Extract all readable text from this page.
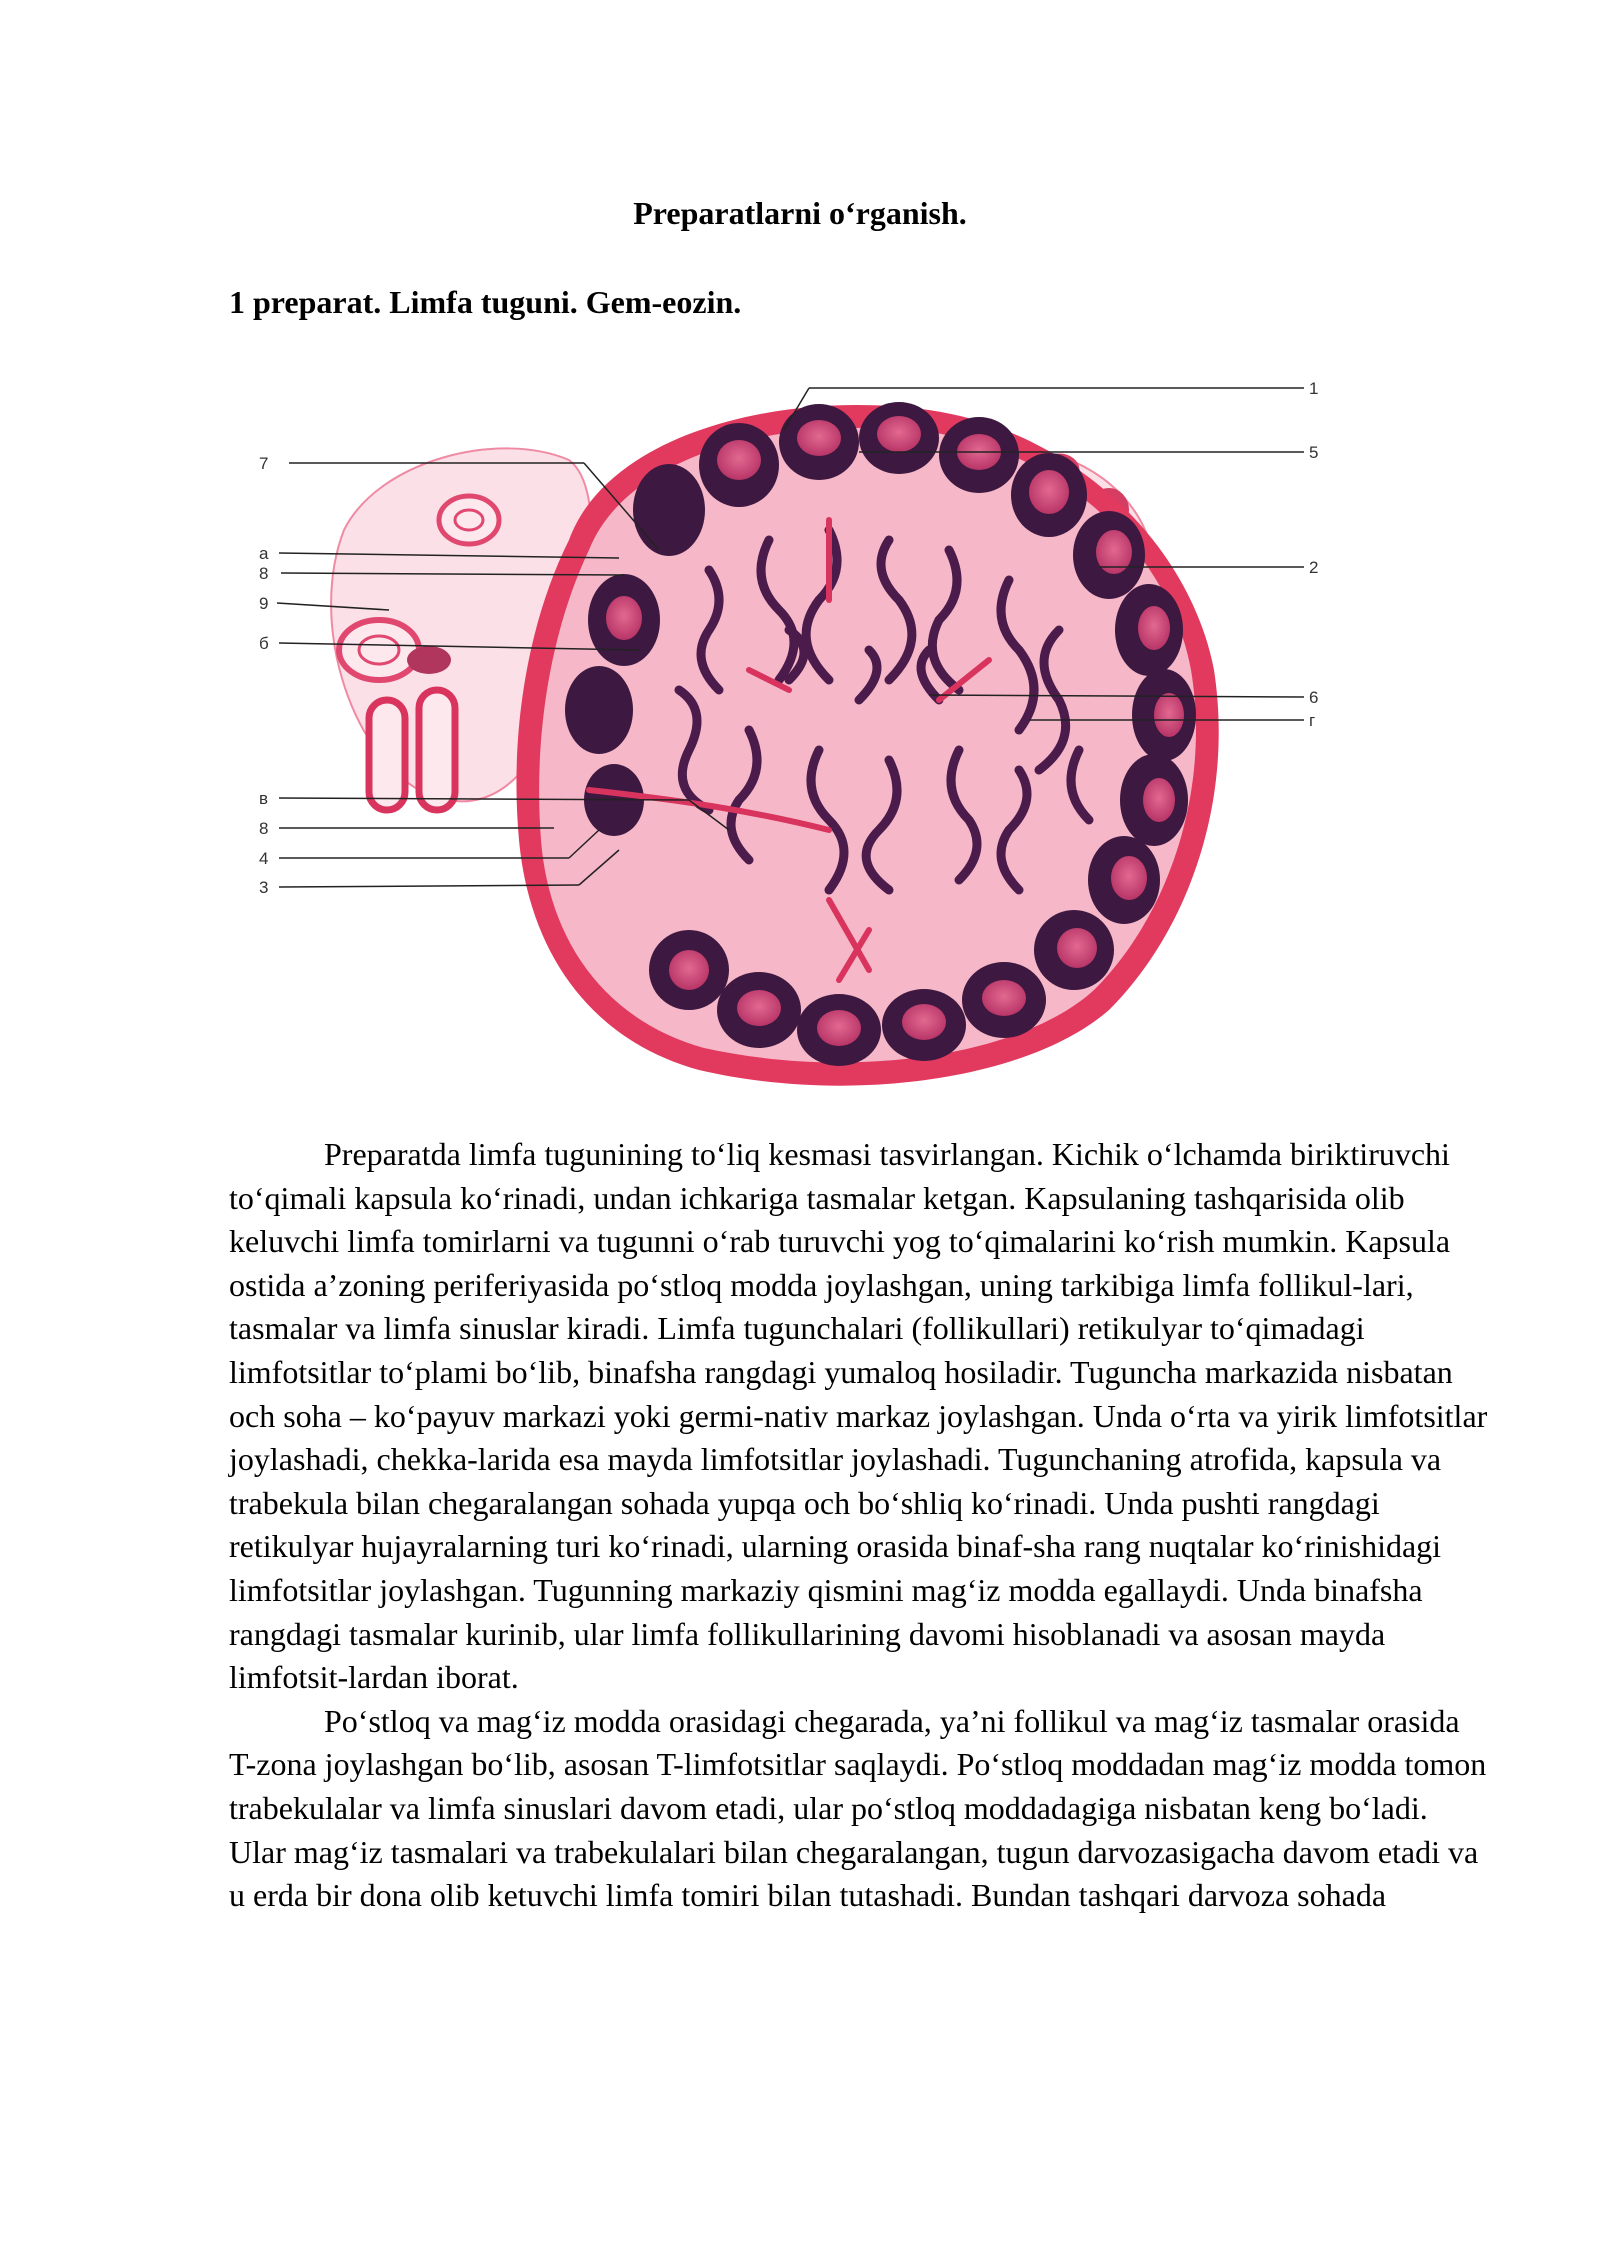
Preparatlarni o‘rganish.
1 preparat. Limfa tuguni. Gem-eozin.
1
5
2
6
г
7
а
8
9
б
в
8
4
3

Preparatda limfa tugunining to‘liq kesmasi tasvirlangan. Kichik o‘lchamda biriktiruvchi to‘qimali kapsula ko‘rinadi, undan ichkariga tasmalar ketgan. Kapsulaning tashqarisida olib keluvchi limfa tomirlarni va tugunni o‘rab turuvchi yog to‘qimalarini ko‘rish mumkin. Kapsula ostida a’zoning periferiyasida po‘stloq modda joylashgan, uning tarkibiga limfa follikul-lari, tasmalar va limfa sinuslar kiradi. Limfa tugunchalari (follikullari) retikulyar to‘qimadagi limfotsitlar to‘plami bo‘lib, binafsha rangdagi yumaloq hosiladir. Tuguncha markazida nisbatan och soha – ko‘payuv markazi yoki germi-nativ markaz joylashgan. Unda o‘rta va yirik limfotsitlar joylashadi, chekka-larida esa mayda limfotsitlar joylashadi. Tugunchaning atrofida, kapsula va trabekula bilan chegaralangan sohada yupqa och bo‘shliq ko‘rinadi. Unda pushti rangdagi retikulyar hujayralarning turi ko‘rinadi, ularning orasida binaf-sha rang nuqtalar ko‘rinishidagi limfotsitlar joylashgan. Tugunning markaziy qismini mag‘iz modda egallaydi. Unda binafsha rangdagi tasmalar kurinib, ular limfa follikullarining davomi hisoblanadi va asosan mayda limfotsit-lardan iborat.

Po‘stloq va mag‘iz modda orasidagi chegarada, ya’ni follikul va mag‘iz tasmalar orasida T-zona joylashgan bo‘lib, asosan T-limfotsitlar saqlaydi. Po‘stloq moddadan mag‘iz modda tomon trabekulalar va limfa sinuslari davom etadi, ular po‘stloq moddadagiga nisbatan keng bo‘ladi. Ular mag‘iz tasmalari va trabekulalari bilan chegaralangan, tugun darvozasigacha davom etadi va u erda bir dona olib ketuvchi limfa tomiri bilan tutashadi. Bundan tashqari darvoza sohada
